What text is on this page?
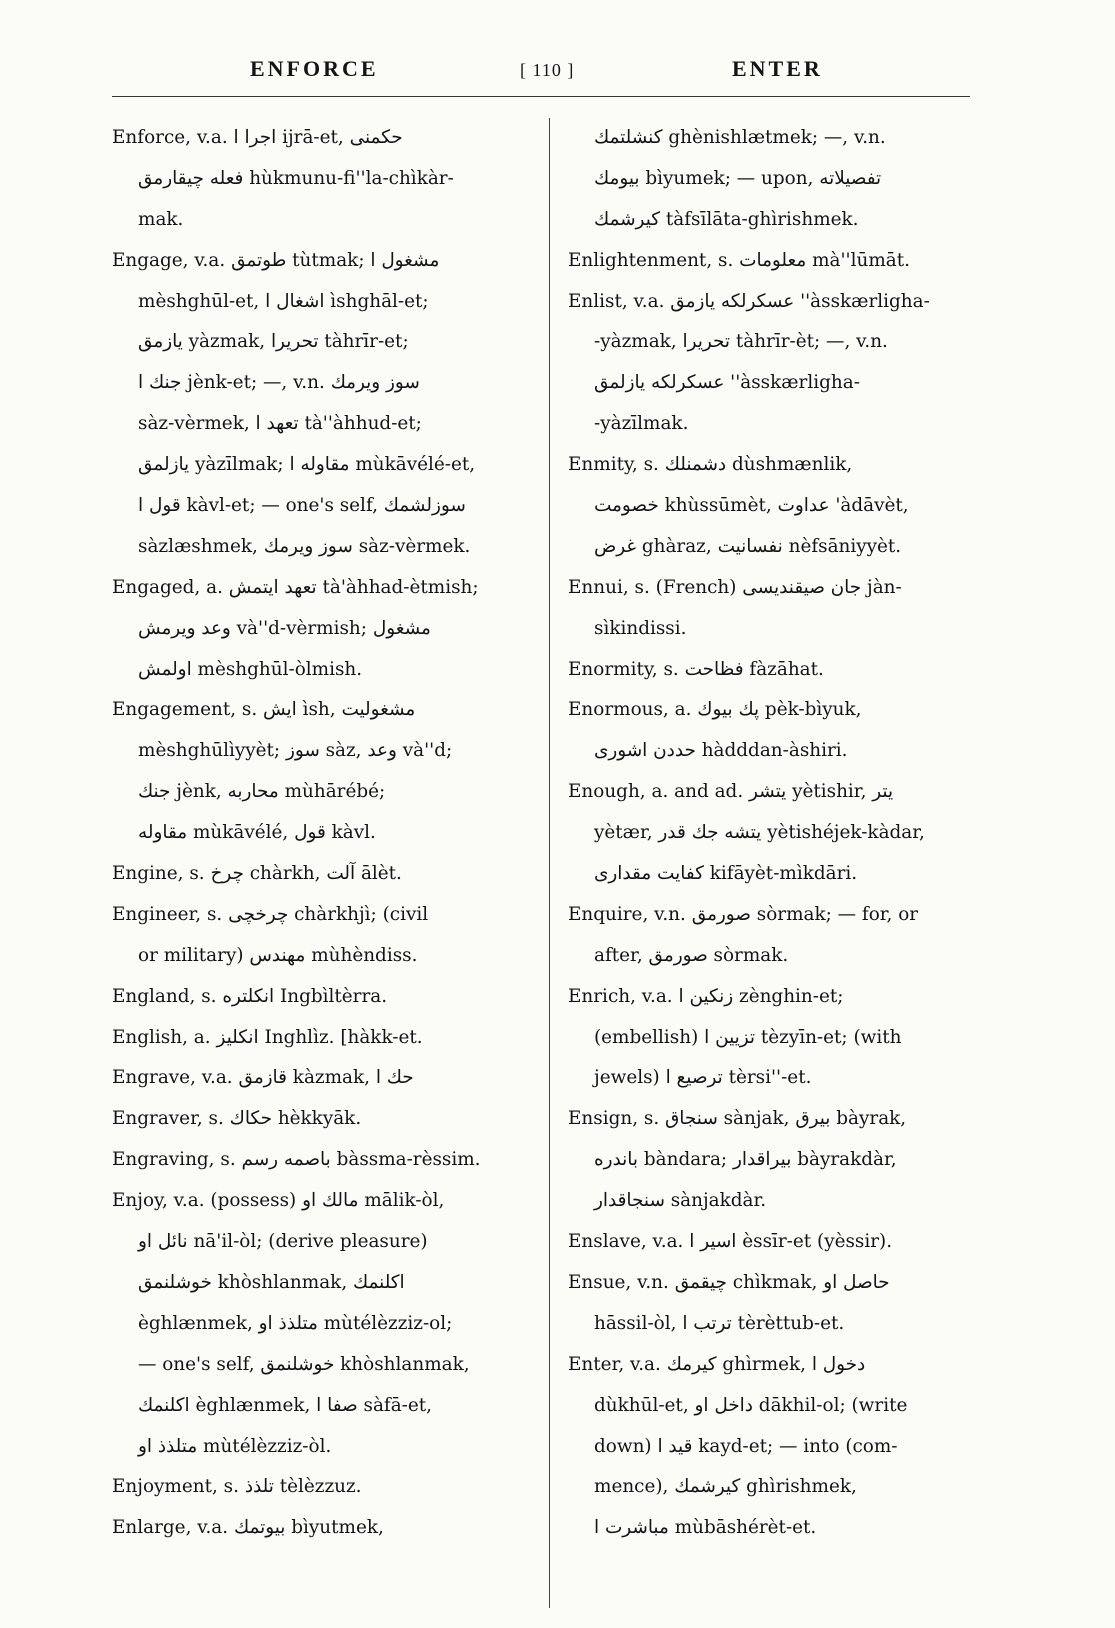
ENFORCE	[ 110 ]	ENTER
Enforce, v.a. اجرا ا ijrā-et, حكمنى
فعله چیقارمق hùkmunu-fi''la-chìkàr-
mak.
Engage, v.a. طوتمق tùtmak; مشغول ا
mèshghūl-et, اشغال ا ìshghāl-et;
یازمق yàzmak, تحریرا tàhrīr-et;
جنك ا jènk-et; —, v.n. سوز ویرمك
sàz-vèrmek, تعهد ا tà''àhhud-et;
یازلمق yàzīlmak; مقاوله ا mùkāvélé-et,
قول ا kàvl-et; — one's self, سوزلشمك
sàzlæshmek, سوز ویرمك sàz-vèrmek.
Engaged, a. تعهد ایتمش tà'àhhad-ètmish;
وعد ویرمش và''d-vèrmish; مشغول
اولمش mèshghūl-òlmish.
Engagement, s. ایش ìsh, مشغولیت
mèshghūlìyyèt; سوز sàz, وعد và''d;
جنك jènk, محاربه mùhārébé;
مقاوله mùkāvélé, قول kàvl.
Engine, s. چرخ chàrkh, آلت ālèt.
Engineer, s. چرخچی chàrkhjì; (civil
or military) مهندس mùhèndiss.
England, s. انكلتره Ingbìltèrra.
English, a. انكلیز Inghlìz. [hàkk-et.
Engrave, v.a. قازمق kàzmak, حك ا
Engraver, s. حكاك hèkkyāk.
Engraving, s. باصمه رسم bàssma-rèssim.
Enjoy, v.a. (possess) مالك او mālik-òl,
نائل او nā'il-òl; (derive pleasure)
خوشلنمق khòshlanmak, اكلنمك
èghlænmek, متلذذ او mùtélèzziz-ol;
— one's self, خوشلنمق khòshlanmak,
اكلنمك èghlænmek, صفا ا sàfā-et,
متلذذ او mùtélèzziz-òl.
Enjoyment, s. تلذذ tèlèzzuz.
Enlarge, v.a. بیوتمك bìyutmek,
كنشلتمك ghènishlætmek; —, v.n.
بیومك bìyumek; — upon, تفصیلاته
كیرشمك tàfsīlāta-ghìrishmek.
Enlightenment, s. معلومات mà''lūmāt.
Enlist, v.a. عسكرلكه یازمق ''àsskærligha-
-yàzmak, تحریرا tàhrīr-èt; —, v.n.
عسكرلكه یازلمق ''àsskærligha-
-yàzīlmak.
Enmity, s. دشمنلك dùshmænlik,
خصومت khùssūmèt, عداوت 'àdāvèt,
غرض ghàraz, نفسانیت nèfsāniyyèt.
Ennui, s. (French) جان صیقندیسی jàn-
sìkindissi.
Enormity, s. فظاحت fàzāhat.
Enormous, a. پك بیوك pèk-bìyuk,
حددن اشوری hàdddan-àshiri.
Enough, a. and ad. یتشر yètishir, یتر
yètær, یتشه جك قدر yètishéjek-kàdar,
كفایت مقداری kifāyèt-mìkdāri.
Enquire, v.n. صورمق sòrmak; — for, or
after, صورمق sòrmak.
Enrich, v.a. زنكین ا zènghin-et;
(embellish) تزیین ا tèzyīn-et; (with
jewels) ترصیع ا tèrsi''-et.
Ensign, s. سنجاق sànjak, بیرق bàyrak,
باندره bàndara; بیراقدار bàyrakdàr,
سنجاقدار sànjakdàr.
Enslave, v.a. اسیر ا èssīr-et (yèssir).
Ensue, v.n. چیقمق chìkmak, حاصل او
hāssil-òl, ترتب ا tèrèttub-et.
Enter, v.a. كیرمك ghìrmek, دخول ا
dùkhūl-et, داخل او dākhil-ol; (write
down) قید ا kayd-et; — into (com-
mence), كیرشمك ghìrishmek,
مباشرت ا mùbāshérèt-et.
